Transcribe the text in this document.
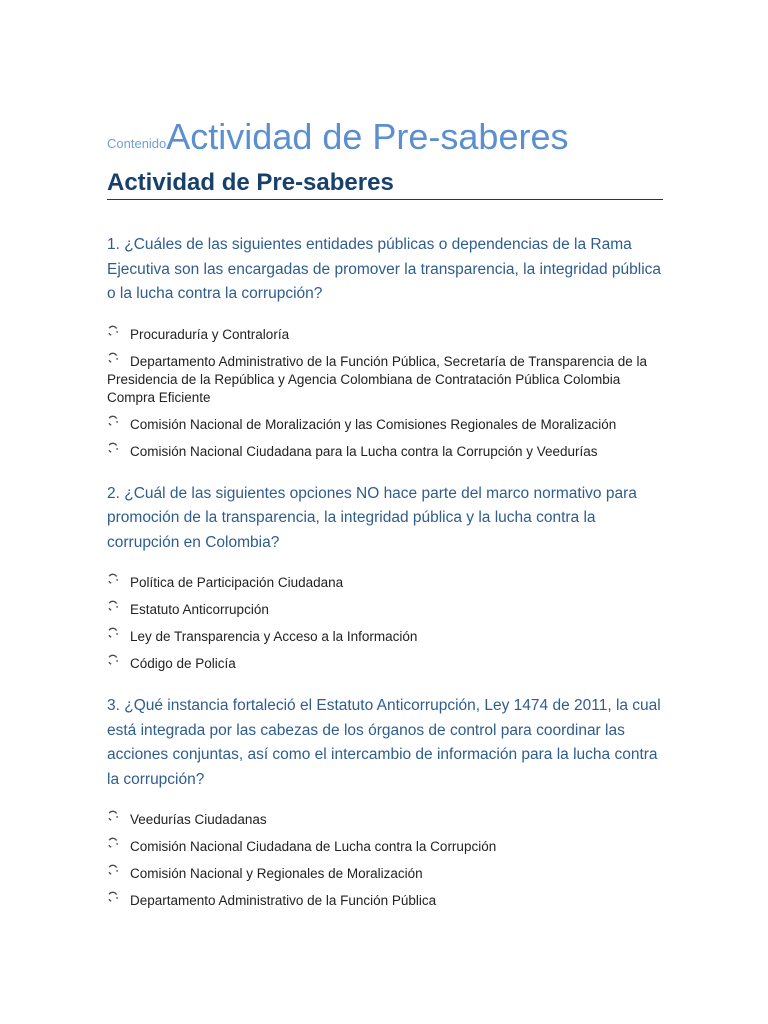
ContenidoActividad de Pre-saberes
Actividad de Pre-saberes

1. ¿Cuáles de las siguientes entidades públicas o dependencias de la Rama Ejecutiva son las encargadas de promover la transparencia, la integridad pública o la lucha contra la corrupción?

Procuraduría y Contraloría
Departamento Administrativo de la Función Pública, Secretaría de Transparencia de la Presidencia de la República y Agencia Colombiana de Contratación Pública Colombia Compra Eficiente
Comisión Nacional de Moralización y las Comisiones Regionales de Moralización
Comisión Nacional Ciudadana para la Lucha contra la Corrupción y Veedurías

2. ¿Cuál de las siguientes opciones NO hace parte del marco normativo para promoción de la transparencia, la integridad pública y la lucha contra la corrupción en Colombia?

Política de Participación Ciudadana
Estatuto Anticorrupción
Ley de Transparencia y Acceso a la Información
Código de Policía

3. ¿Qué instancia fortaleció el Estatuto Anticorrupción, Ley 1474 de 2011, la cual está integrada por las cabezas de los órganos de control para coordinar las acciones conjuntas, así como el intercambio de información para la lucha contra la corrupción?

Veedurías Ciudadanas
Comisión Nacional Ciudadana de Lucha contra la Corrupción
Comisión Nacional y Regionales de Moralización
Departamento Administrativo de la Función Pública
